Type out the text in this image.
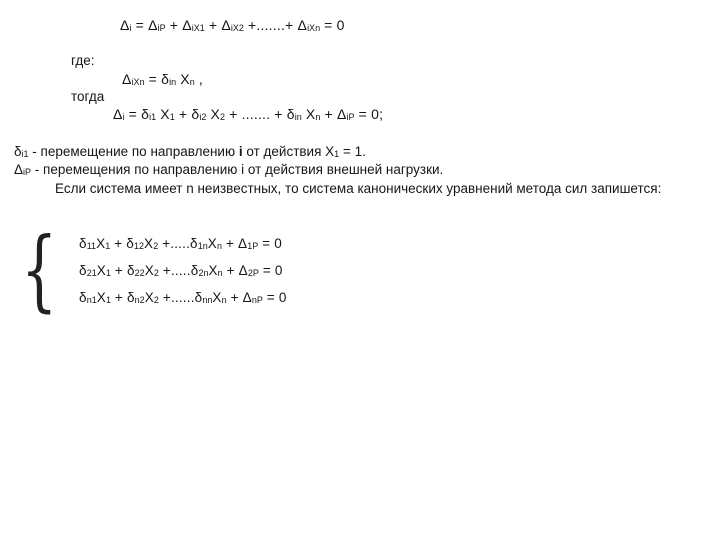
$\Delta_i = \Delta_{iP} + \Delta_{iX1} + \Delta_{iX2}$ +.......+ $\Delta_{iXn} = 0$
где:
$\Delta_{iXn} = \delta_{in}$ $X_n$ ,
тогда
$\Delta_i = \delta_{i1}$ $X_1 + \delta_{i2}$ $X_2$ + ....... + $\delta_{in}$ $X_n + \Delta_{iP} = 0$;
$\delta_{i1}$ - перемещение по направлению i от действия $X_1 = 1$.
$\Delta_{iP}$ - перемещения по направлению i от действия внешней нагрузки.
Если система имеет n неизвестных, то система канонических уравнений метода сил запишется:
{ $\delta_{11}X_1 + \delta_{12}X_2 +.....\delta_{1n}X_n + \Delta_{1P} = 0$
$\delta_{21}X_1 + \delta_{22}X_2 +.....\delta_{2n}X_n + \Delta_{2P} = 0$
$\delta_{n1}X_1 + \delta_{n2}X_2 +......\delta_{nn}X_n + \Delta_{nP} = 0$
